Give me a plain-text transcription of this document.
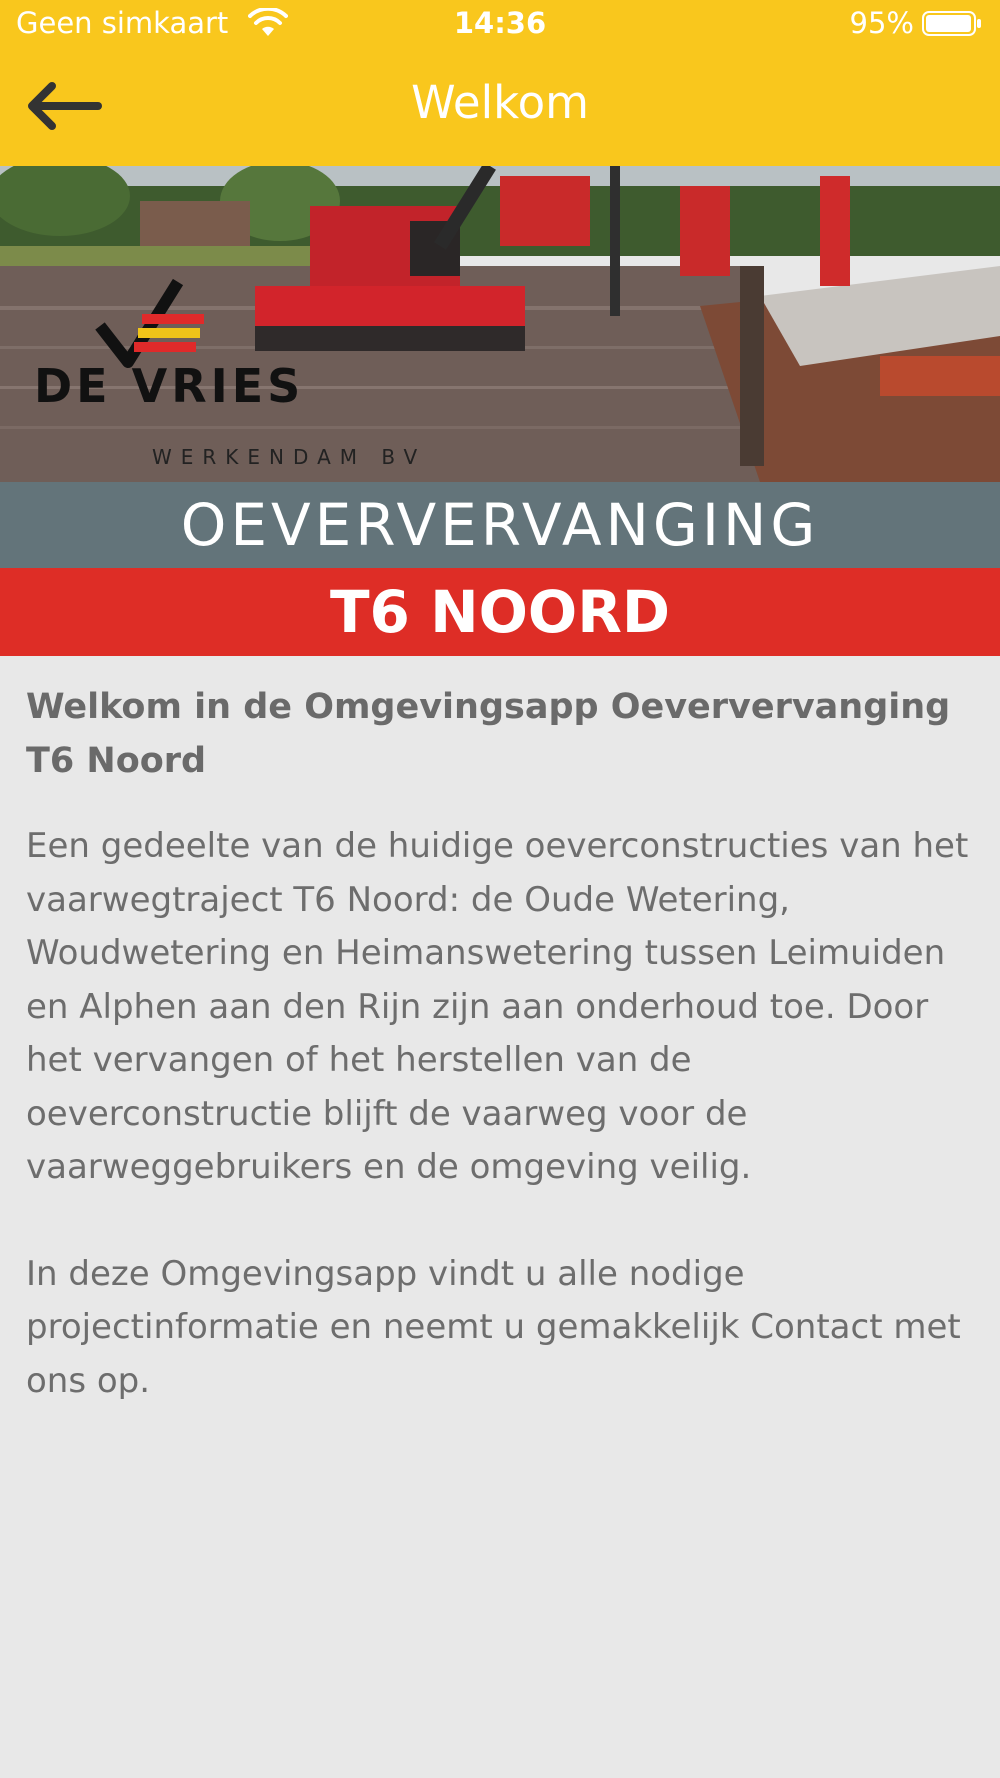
Geen simkaart	14:36	95%
Welkom
DE VRIES
WERKENDAM BV
OEVERVERVANGING
T6 NOORD
Welkom in de Omgevingsapp Oeververvanging T6 Noord

Een gedeelte van de huidige oeverconstructies van het vaarwegtraject T6 Noord: de Oude Wetering, Woudwetering en Heimanswetering tussen Leimuiden en Alphen aan den Rijn zijn aan onderhoud toe. Door het vervangen of het herstellen van de oeverconstructie blijft de vaarweg voor de vaarweggebruikers en de omgeving veilig.

In deze Omgevingsapp vindt u alle nodige projectinformatie en neemt u gemakkelijk Contact met ons op.
